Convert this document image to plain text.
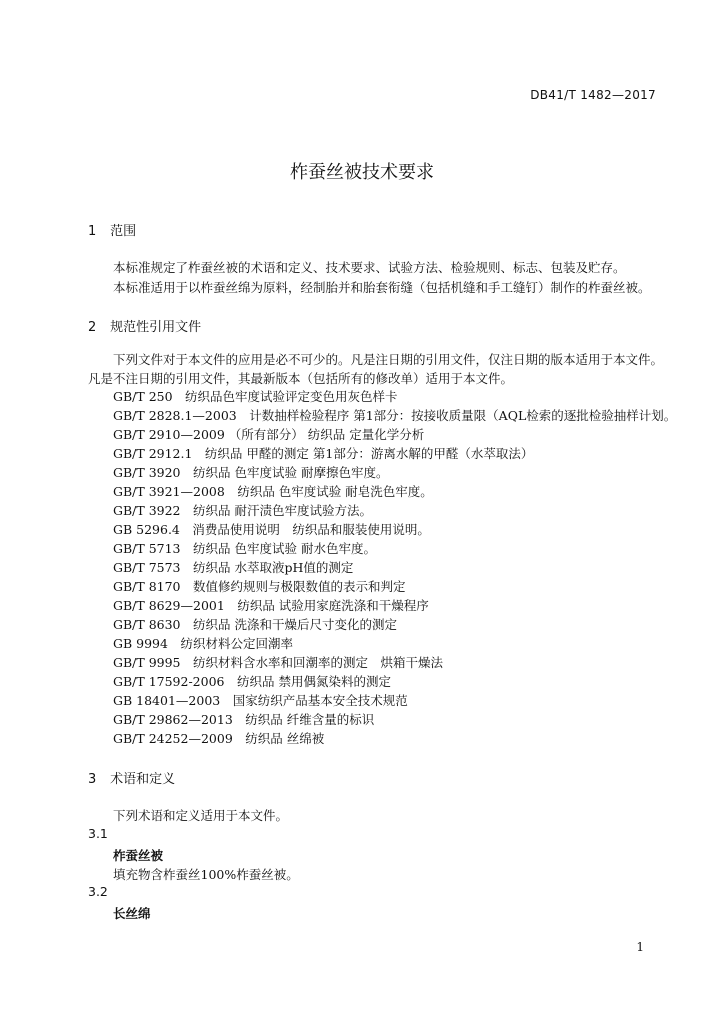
DB41/T 1482—2017
柞蚕丝被技术要求
1 范围
本标准规定了柞蚕丝被的术语和定义、技术要求、试验方法、检验规则、标志、包装及贮存。
本标准适用于以柞蚕丝绵为原料，经制胎并和胎套衔缝（包括机缝和手工缝钉）制作的柞蚕丝被。
2 规范性引用文件
下列文件对于本文件的应用是必不可少的。凡是注日期的引用文件，仅注日期的版本适用于本文件。
凡是不注日期的引用文件，其最新版本（包括所有的修改单）适用于本文件。
GB/T 250　纺织品色牢度试验评定变色用灰色样卡
GB/T 2828.1—2003　计数抽样检验程序 第1部分：按接收质量限（AQL检索的逐批检验抽样计划。
GB/T 2910—2009 （所有部分） 纺织品 定量化学分析
GB/T 2912.1　纺织品 甲醛的测定 第1部分：游离水解的甲醛（水萃取法）
GB/T 3920　纺织品 色牢度试验 耐摩擦色牢度。
GB/T 3921—2008　纺织品 色牢度试验 耐皂洗色牢度。
GB/T 3922　纺织品 耐汗渍色牢度试验方法。
GB 5296.4　消费品使用说明　纺织品和服装使用说明。
GB/T 5713　纺织品 色牢度试验 耐水色牢度。
GB/T 7573　纺织品 水萃取液pH值的测定
GB/T 8170　数值修约规则与极限数值的表示和判定
GB/T 8629—2001　纺织品 试验用家庭洗涤和干燥程序
GB/T 8630　纺织品 洗涤和干燥后尺寸变化的测定
GB 9994　纺织材料公定回潮率
GB/T 9995　纺织材料含水率和回潮率的测定　烘箱干燥法
GB/T 17592-2006　纺织品 禁用偶氮染料的测定
GB 18401—2003　国家纺织产品基本安全技术规范
GB/T 29862—2013　纺织品 纤维含量的标识
GB/T 24252—2009　纺织品 丝绵被
3 术语和定义
下列术语和定义适用于本文件。
3.1
柞蚕丝被
填充物含柞蚕丝100%柞蚕丝被。
3.2
长丝绵
1
